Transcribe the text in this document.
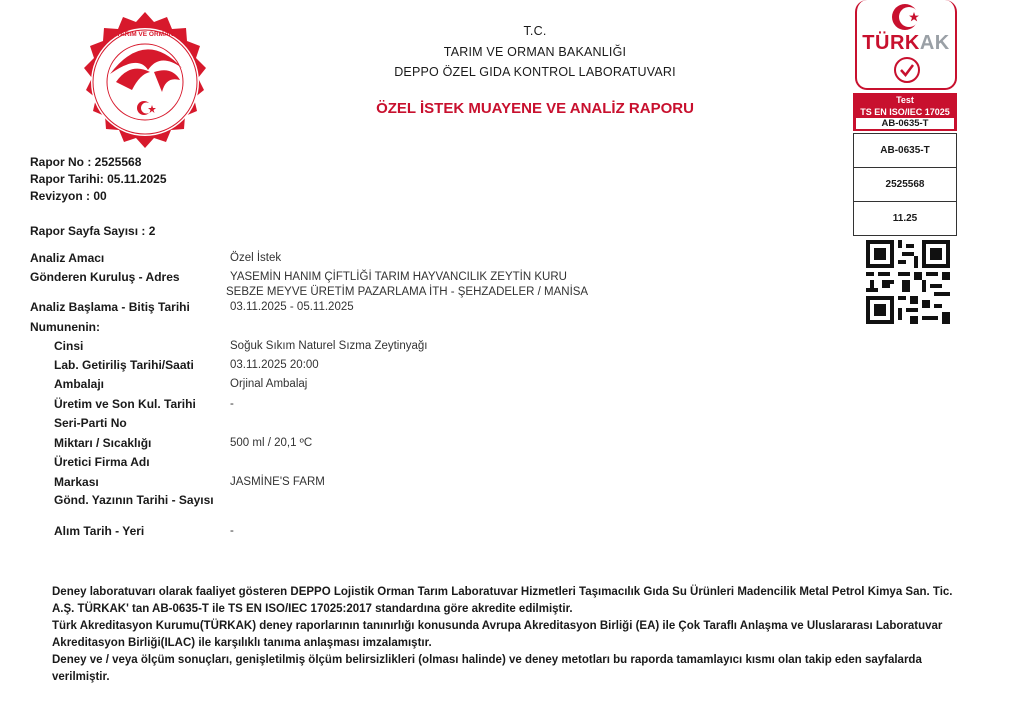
TARIM VE ORMAN	T.C.
TARIM VE ORMAN BAKANLIĞI
DEPPO ÖZEL GIDA KONTROL LABORATUVARI
ÖZEL İSTEK MUAYENE VE ANALİZ RAPORU
TÜRKAK
Test
TS EN ISO/IEC 17025
AB-0635-T
AB-0635-T
2525568
11.25
Rapor No : 2525568
Rapor Tarihi: 05.11.2025
Revizyon : 00
Rapor Sayfa Sayısı : 2
Analiz Amacı	Özel İstek
Gönderen Kuruluş - Adres	YASEMİN HANIM ÇİFTLİĞİ TARIM HAYVANCILIK ZEYTİN KURU
SEBZE MEYVE ÜRETİM PAZARLAMA İTH - ŞEHZADELER / MANİSA
Analiz Başlama - Bitiş Tarihi	03.11.2025 - 05.11.2025
Numunenin:
Cinsi	Soğuk Sıkım Naturel Sızma Zeytinyağı
Lab. Getiriliş Tarihi/Saati	03.11.2025 20:00
Ambalajı	Orjinal Ambalaj
Üretim ve Son Kul. Tarihi	-
Seri-Parti No
Miktarı / Sıcaklığı	500 ml / 20,1 ºC
Üretici Firma Adı
Markası	JASMİNE'S FARM
Gönd. Yazının Tarihi - Sayısı
Alım Tarih - Yeri	-

Deney laboratuvarı olarak faaliyet gösteren DEPPO Lojistik Orman Tarım Laboratuvar Hizmetleri Taşımacılık Gıda Su Ürünleri Madencilik Metal Petrol Kimya San. Tic. A.Ş. TÜRKAK' tan AB-0635-T ile TS EN ISO/IEC 17025:2017 standardına göre akredite edilmiştir.

Türk Akreditasyon Kurumu(TÜRKAK) deney raporlarının tanınırlığı konusunda Avrupa Akreditasyon Birliği (EA) ile Çok Taraflı Anlaşma ve Uluslararası Laboratuvar Akreditasyon Birliği(ILAC) ile karşılıklı tanıma anlaşması imzalamıştır.

Deney ve / veya ölçüm sonuçları, genişletilmiş ölçüm belirsizlikleri (olması halinde) ve deney metotları bu raporda tamamlayıcı kısmı olan takip eden sayfalarda verilmiştir.
